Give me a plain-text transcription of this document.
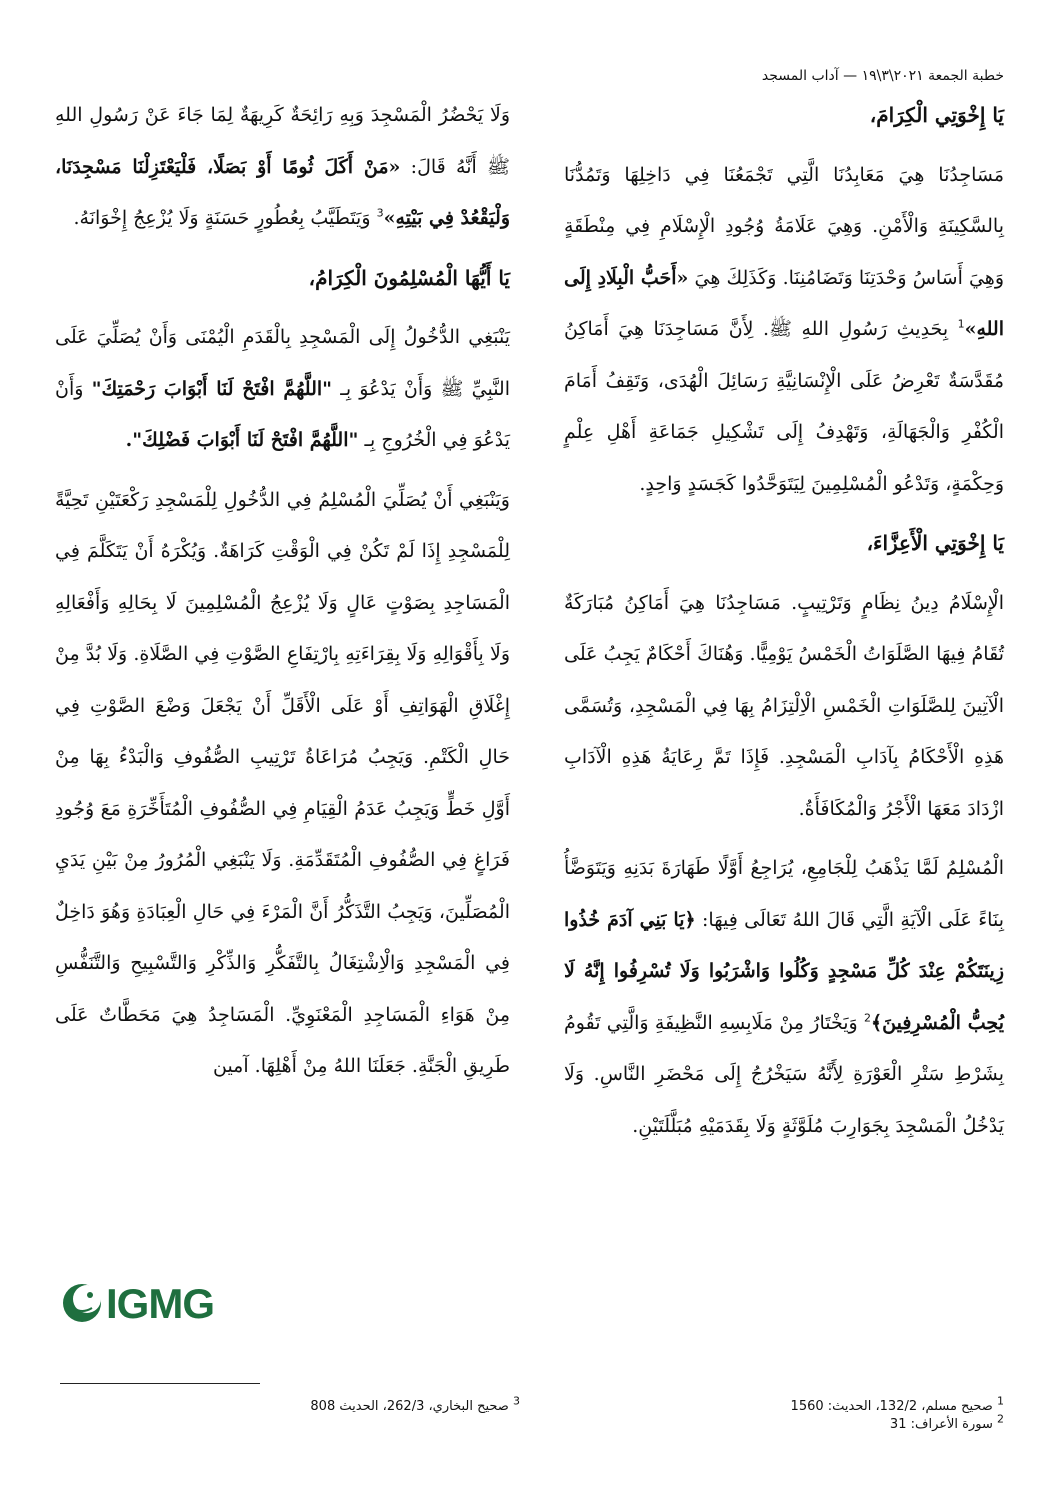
خطبة الجمعة ٢٠٢١\٣\١٩ — آداب المسجد
يَا إِخْوَتِي الْكِرَامَ،

مَسَاجِدُنَا هِيَ مَعَابِدُنَا الَّتِي تَجْمَعُنَا فِي دَاخِلِهَا وَتَمُدُّنَا بِالسَّكِينَةِ وَالْأَمْنِ. وَهِيَ عَلَامَةُ وُجُودِ الْإِسْلَامِ فِي مِنْطَقَةٍ وَهِيَ أَسَاسُ وَحْدَتِنَا وَتَضَامُنِنَا. وَكَذَلِكَ هِيَ «أَحَبُّ الْبِلَادِ إِلَى اللهِ»$^1$ بِحَدِيثِ رَسُولِ اللهِ ﷺ. لِأَنَّ مَسَاجِدَنَا هِيَ أَمَاكِنُ مُقَدَّسَةٌ تَعْرِضُ عَلَى الْإِنْسَانِيَّةِ رَسَائِلَ الْهُدَى، وَتَقِفُ أَمَامَ الْكُفْرِ وَالْجَهَالَةِ، وَتَهْدِفُ إِلَى تَشْكِيلِ جَمَاعَةِ أَهْلِ عِلْمٍ وَحِكْمَةٍ، وَتَدْعُو الْمُسْلِمِينَ لِيَتَوَحَّدُوا كَجَسَدٍ وَاحِدٍ.

يَا إِخْوَتِي الْأَعِزَّاءَ،

الْإِسْلَامُ دِينُ نِظَامٍ وَتَرْتِيبٍ. مَسَاجِدُنَا هِيَ أَمَاكِنُ مُبَارَكَةٌ تُقَامُ فِيهَا الصَّلَوَاتُ الْخَمْسُ يَوْمِيًّا. وَهُنَاكَ أَحْكَامٌ يَجِبُ عَلَى الْآتِينَ لِلصَّلَوَاتِ الْخَمْسِ الْاِلْتِزَامُ بِهَا فِي الْمَسْجِدِ، وَتُسَمَّى هَذِهِ الْأَحْكَامُ بِآدَابِ الْمَسْجِدِ. فَإِذَا تَمَّ رِعَايَةُ هَذِهِ الْآدَابِ ازْدَادَ مَعَهَا الْأَجْرُ وَالْمُكَافَأَةُ.

الْمُسْلِمُ لَمَّا يَذْهَبُ لِلْجَامِعِ، يُرَاجِعُ أَوَّلًا طَهَارَةَ بَدَنِهِ وَيَتَوَضَّأُ بِنَاءً عَلَى الْآيَةِ الَّتِي قَالَ اللهُ تَعَالَى فِيهَا: ﴿يَا بَنِي آدَمَ خُذُوا زِينَتَكُمْ عِنْدَ كُلِّ مَسْجِدٍ وَكُلُوا وَاشْرَبُوا وَلَا تُسْرِفُوا إِنَّهُ لَا يُحِبُّ الْمُسْرِفِينَ﴾$^2$ وَيَخْتَارُ مِنْ مَلَابِسِهِ النَّظِيفَةِ وَالَّتِي تَقُومُ بِشَرْطِ سَتْرِ الْعَوْرَةِ لِأَنَّهُ سَيَخْرُجُ إِلَى مَحْضَرِ النَّاسِ. وَلَا يَدْخُلُ الْمَسْجِدَ بِجَوَارِبَ مُلَوَّثَةٍ وَلَا بِقَدَمَيْهِ مُبَلَّلَتَيْنِ.

وَلَا يَحْضُرُ الْمَسْجِدَ وَبِهِ رَائِحَةٌ كَرِيهَةٌ لِمَا جَاءَ عَنْ رَسُولِ اللهِ ﷺ أَنَّهُ قَالَ: «مَنْ أَكَلَ ثُومًا أَوْ بَصَلًا، فَلْيَعْتَزِلْنَا مَسْجِدَنَا، وَلْيَقْعُدْ فِي بَيْتِهِ»$^3$ وَيَتَطَيَّبُ بِعُطُورٍ حَسَنَةٍ وَلَا يُزْعِجُ إِخْوَانَهُ.

يَا أَيُّهَا الْمُسْلِمُونَ الْكِرَامُ،

يَنْبَغِي الدُّخُولُ إِلَى الْمَسْجِدِ بِالْقَدَمِ الْيُمْنَى وَأَنْ يُصَلِّيَ عَلَى النَّبِيِّ ﷺ وَأَنْ يَدْعُوَ بِـ "اللَّهُمَّ افْتَحْ لَنَا أَبْوَابَ رَحْمَتِكَ" وَأَنْ يَدْعُوَ فِي الْخُرُوجِ بِـ "اللَّهُمَّ افْتَحْ لَنَا أَبْوَابَ فَضْلِكَ".

وَيَنْبَغِي أَنْ يُصَلِّيَ الْمُسْلِمُ فِي الدُّخُولِ لِلْمَسْجِدِ رَكْعَتَيْنِ تَحِيَّةً لِلْمَسْجِدِ إِذَا لَمْ تَكُنْ فِي الْوَقْتِ كَرَاهَةٌ. وَيُكْرَهُ أَنْ يَتَكَلَّمَ فِي الْمَسَاجِدِ بِصَوْتٍ عَالٍ وَلَا يُزْعِجُ الْمُسْلِمِينَ لَا بِحَالِهِ وَأَفْعَالِهِ وَلَا بِأَقْوَالِهِ وَلَا بِقِرَاءَتِهِ بِارْتِفَاعِ الصَّوْتِ فِي الصَّلَاةِ. وَلَا بُدَّ مِنْ إِغْلَاقِ الْهَوَاتِفِ أَوْ عَلَى الْأَقَلِّ أَنْ يَجْعَلَ وَضْعَ الصَّوْتِ فِي حَالِ الْكَتْمِ. وَيَجِبُ مُرَاعَاةُ تَرْتِيبِ الصُّفُوفِ وَالْبَدْءُ بِهَا مِنْ أَوَّلِ خَطٍّ وَيَجِبُ عَدَمُ الْقِيَامِ فِي الصُّفُوفِ الْمُتَأَخِّرَةِ مَعَ وُجُودِ فَرَاغٍ فِي الصُّفُوفِ الْمُتَقَدِّمَةِ. وَلَا يَنْبَغِي الْمُرُورُ مِنْ بَيْنِ يَدَيِ الْمُصَلِّينَ، وَيَجِبُ التَّذَكُّرُ أَنَّ الْمَرْءَ فِي حَالِ الْعِبَادَةِ وَهُوَ دَاخِلٌ فِي الْمَسْجِدِ وَالْاِشْتِغَالُ بِالتَّفَكُّرِ وَالذِّكْرِ وَالتَّسْبِيحِ وَالتَّنَفُّسِ مِنْ هَوَاءِ الْمَسَاجِدِ الْمَعْنَوِيِّ. الْمَسَاجِدُ هِيَ مَحَطَّاتٌ عَلَى طَرِيقِ الْجَنَّةِ. جَعَلَنَا اللهُ مِنْ أَهْلِهَا. آمين

IGMG
$^1$ صحيح مسلم، 132/2، الحديث: 1560
$^2$ سورة الأعراف: 31
$^3$ صحيح البخاري، 262/3، الحديث 808
